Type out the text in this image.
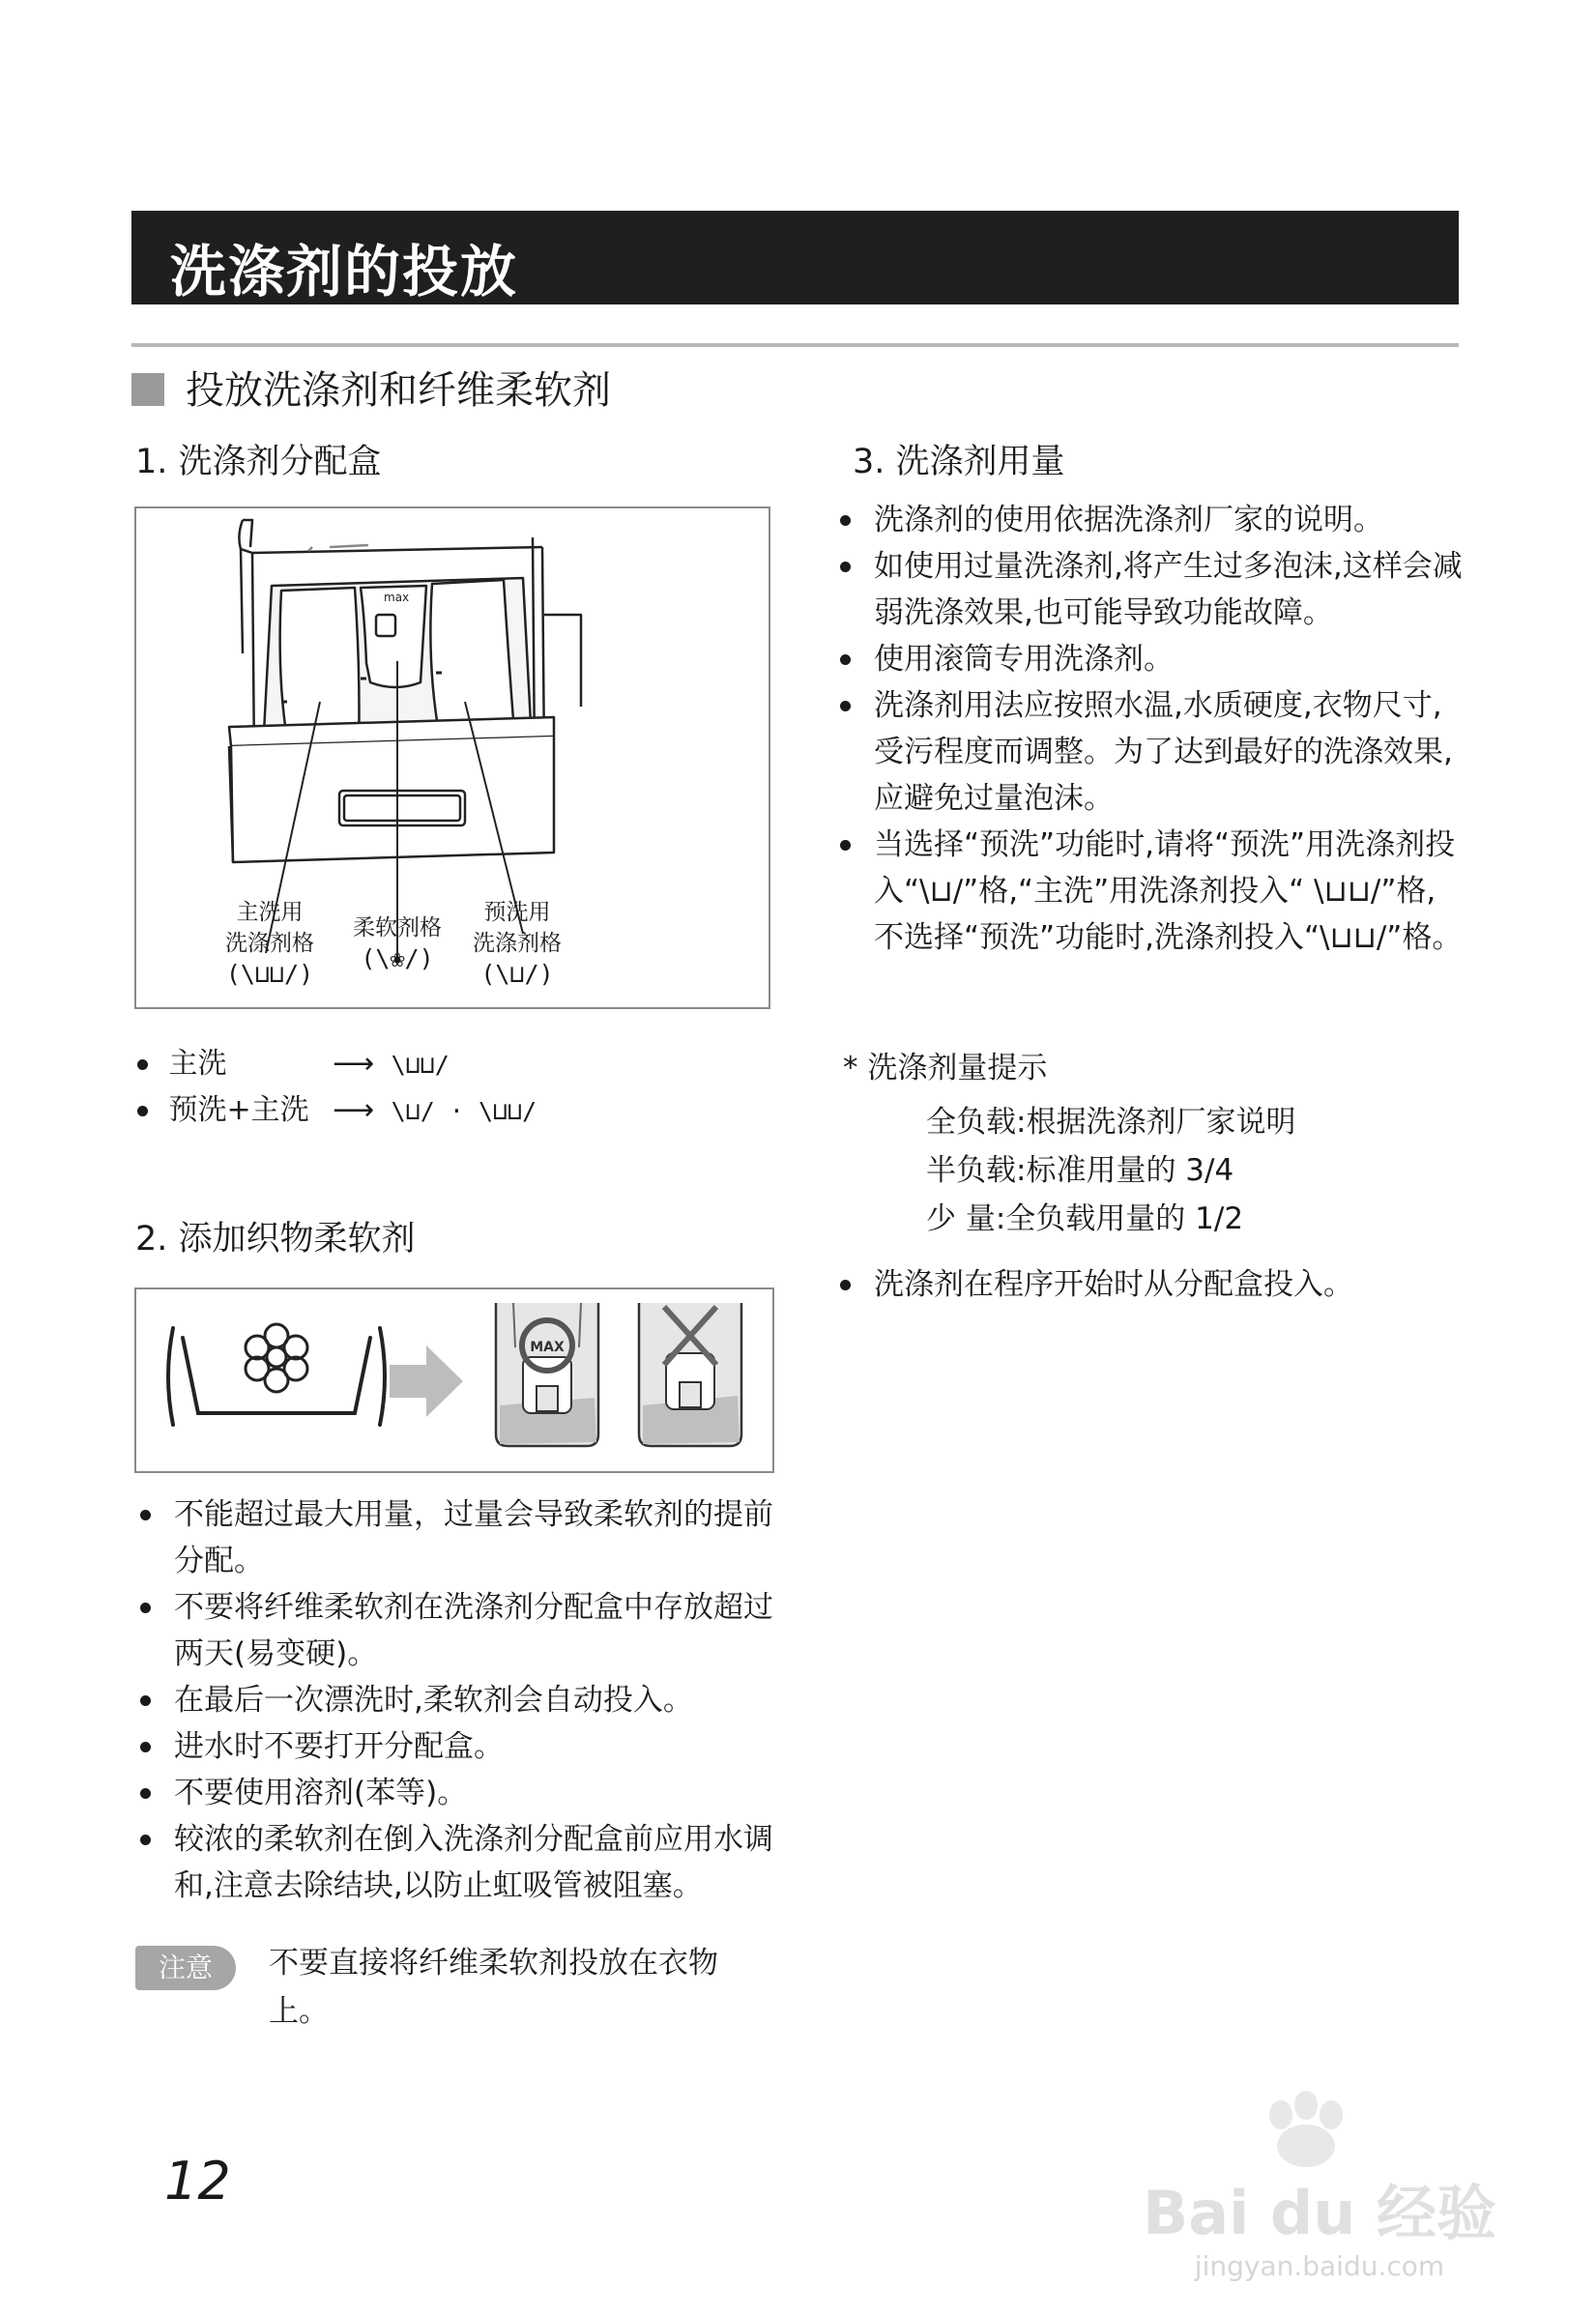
洗涤剂的投放
投放洗涤剂和纤维柔软剂
1. 洗涤剂分配盒
max
主洗用
洗涤剂格
(\⊔⊔/)
柔软剂格
(\❀/)
预洗用
洗涤剂格
(\⊔/)
主洗	⟶ \⊔⊔/
预洗+主洗 ⟶ \⊔/ · \⊔⊔/
2. 添加织物柔软剂
MAX
不能超过最大用量，过量会导致柔软剂的提前分配。
不要将纤维柔软剂在洗涤剂分配盒中存放超过两天(易变硬)。
在最后一次漂洗时,柔软剂会自动投入。
进水时不要打开分配盒。
不要使用溶剂(苯等)。
较浓的柔软剂在倒入洗涤剂分配盒前应用水调和,注意去除结块,以防止虹吸管被阻塞。
注意	不要直接将纤维柔软剂投放在衣物上。
3. 洗涤剂用量
洗涤剂的使用依据洗涤剂厂家的说明。
如使用过量洗涤剂,将产生过多泡沫,这样会减弱洗涤效果,也可能导致功能故障。
使用滚筒专用洗涤剂。
洗涤剂用法应按照水温,水质硬度,衣物尺寸,受污程度而调整。为了达到最好的洗涤效果,应避免过量泡沫。
当选择“预洗”功能时,请将“预洗”用洗涤剂投入“\⊔/”格,“主洗”用洗涤剂投入“ \⊔⊔/”格,不选择“预洗”功能时,洗涤剂投入“\⊔⊔/”格。
* 洗涤剂量提示
全负载:根据洗涤剂厂家说明
半负载:标准用量的 3/4
少 量:全负载用量的 1/2
洗涤剂在程序开始时从分配盒投入。
12	Bai du 经验
jingyan.baidu.com
